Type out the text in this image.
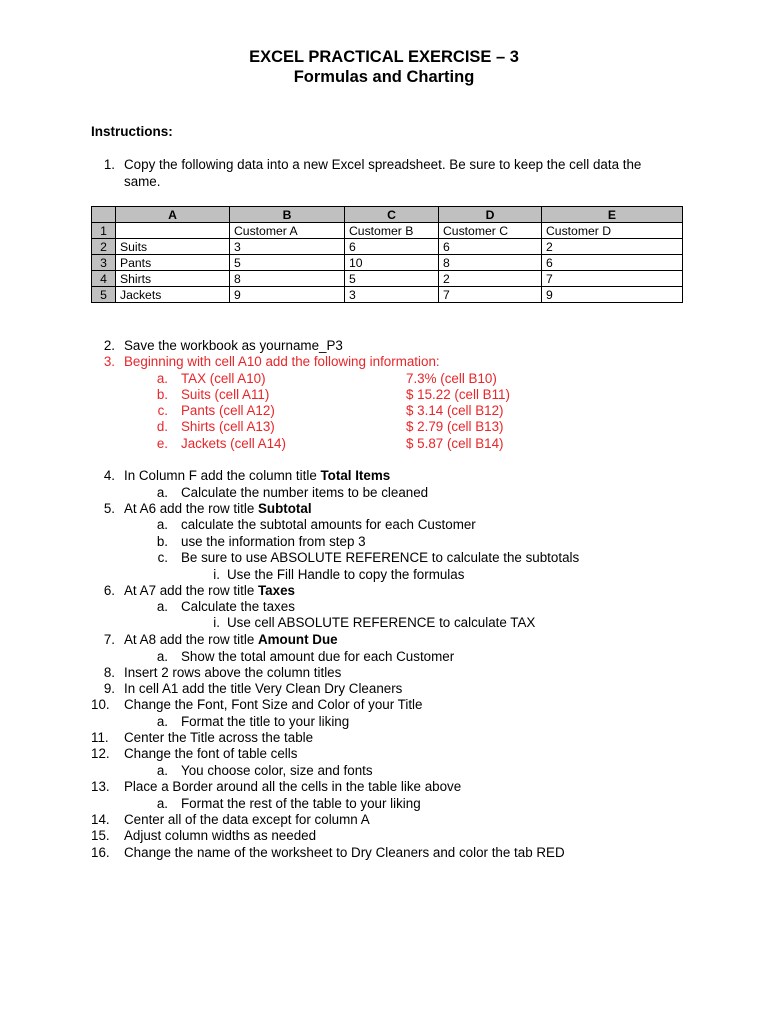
EXCEL PRACTICAL EXERCISE – 3
Formulas and Charting
Instructions:
1. Copy the following data into a new Excel spreadsheet. Be sure to keep the cell data the
same.
	A	B	C	D	E
1		Customer A	Customer B	Customer C	Customer D
2	Suits	3	6	6	2
3	Pants	5	10	8	6
4	Shirts	8	5	2	7
5	Jackets	9	3	7	9
2. Save the workbook as yourname_P3
3. Beginning with cell A10 add the following information:
a. TAX (cell A10)	7.3% (cell B10)
b. Suits (cell A11)	$ 15.22 (cell B11)
c. Pants (cell A12)	$ 3.14 (cell B12)
d. Shirts (cell A13)	$ 2.79 (cell B13)
e. Jackets (cell A14)	$ 5.87 (cell B14)
4. In Column F add the column title Total Items
a. Calculate the number items to be cleaned
5. At A6 add the row title Subtotal
a. calculate the subtotal amounts for each Customer
b. use the information from step 3
c. Be sure to use ABSOLUTE REFERENCE to calculate the subtotals
i. Use the Fill Handle to copy the formulas
6. At A7 add the row title Taxes
a. Calculate the taxes
i. Use cell ABSOLUTE REFERENCE to calculate TAX
7. At A8 add the row title Amount Due
a. Show the total amount due for each Customer
8. Insert 2 rows above the column titles
9. In cell A1 add the title Very Clean Dry Cleaners
10.	Change the Font, Font Size and Color of your Title
a. Format the title to your liking
11.	Center the Title across the table
12.	Change the font of table cells
a. You choose color, size and fonts
13.	Place a Border around all the cells in the table like above
a. Format the rest of the table to your liking
14.	Center all of the data except for column A
15.	Adjust column widths as needed
16.	Change the name of the worksheet to Dry Cleaners and color the tab RED
